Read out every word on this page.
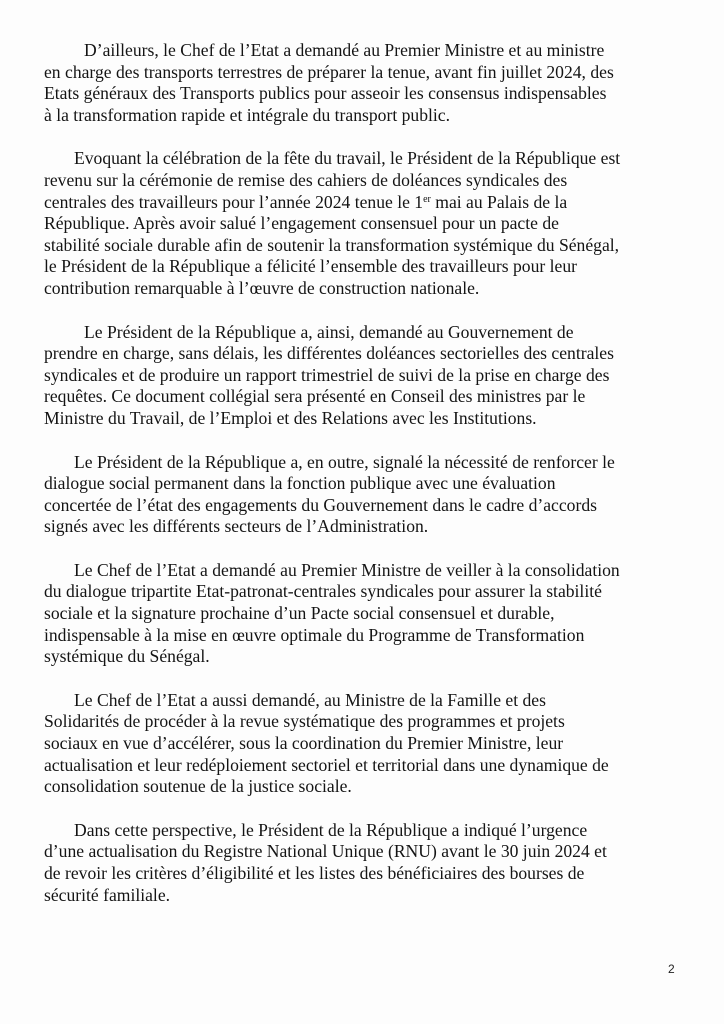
D’ailleurs, le Chef de l’Etat a demandé au Premier Ministre et au ministre
en charge des transports terrestres de préparer la tenue, avant fin juillet 2024, des
Etats généraux des Transports publics pour asseoir les consensus indispensables
à la transformation rapide et intégrale du transport public.

Evoquant la célébration de la fête du travail, le Président de la République est
revenu sur la cérémonie de remise des cahiers de doléances syndicales des
centrales des travailleurs pour l’année 2024 tenue le 1er mai au Palais de la
République. Après avoir salué l’engagement consensuel pour un pacte de
stabilité sociale durable afin de soutenir la transformation systémique du Sénégal,
le Président de la République a félicité l’ensemble des travailleurs pour leur
contribution remarquable à l’œuvre de construction nationale.

Le Président de la République a, ainsi, demandé au Gouvernement de
prendre en charge, sans délais, les différentes doléances sectorielles des centrales
syndicales et de produire un rapport trimestriel de suivi de la prise en charge des
requêtes. Ce document collégial sera présenté en Conseil des ministres par le
Ministre du Travail, de l’Emploi et des Relations avec les Institutions.

Le Président de la République a, en outre, signalé la nécessité de renforcer le
dialogue social permanent dans la fonction publique avec une évaluation
concertée de l’état des engagements du Gouvernement dans le cadre d’accords
signés avec les différents secteurs de l’Administration.

Le Chef de l’Etat a demandé au Premier Ministre de veiller à la consolidation
du dialogue tripartite Etat-patronat-centrales syndicales pour assurer la stabilité
sociale et la signature prochaine d’un Pacte social consensuel et durable,
indispensable à la mise en œuvre optimale du Programme de Transformation
systémique du Sénégal.

Le Chef de l’Etat a aussi demandé, au Ministre de la Famille et des
Solidarités de procéder à la revue systématique des programmes et projets
sociaux en vue d’accélérer, sous la coordination du Premier Ministre, leur
actualisation et leur redéploiement sectoriel et territorial dans une dynamique de
consolidation soutenue de la justice sociale.

Dans cette perspective, le Président de la République a indiqué l’urgence
d’une actualisation du Registre National Unique (RNU) avant le 30 juin 2024 et
de revoir les critères d’éligibilité et les listes des bénéficiaires des bourses de
sécurité familiale.

2
